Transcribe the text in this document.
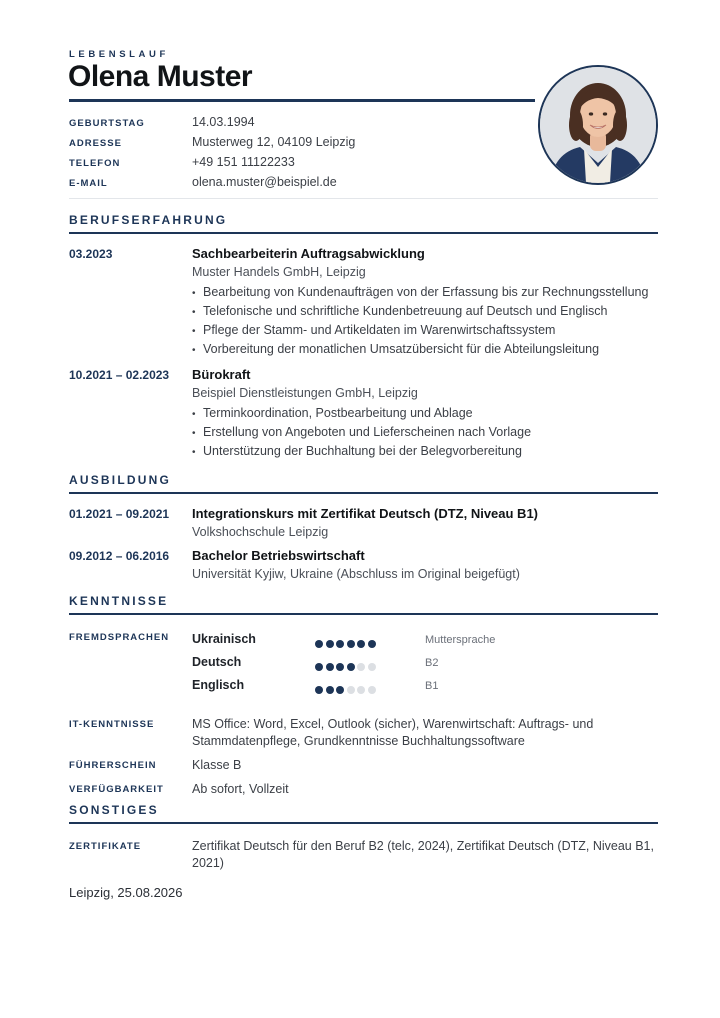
LEBENSLAUF
Olena Muster
GEBURTSTAG	14.03.1994
ADRESSE	Musterweg 12, 04109 Leipzig
TELEFON	+49 151 11122233
E-MAIL	olena.muster@beispiel.de
BERUFSERFAHRUNG
03.2023	Sachbearbeiterin Auftragsabwicklung
Muster Handels GmbH, Leipzig
• Bearbeitung von Kundenaufträgen von der Erfassung bis zur Rechnungsstellung
• Telefonische und schriftliche Kundenbetreuung auf Deutsch und Englisch
• Pflege der Stamm- und Artikeldaten im Warenwirtschaftssystem
• Vorbereitung der monatlichen Umsatzübersicht für die Abteilungsleitung
10.2021 – 02.2023 Bürokraft
Beispiel Dienstleistungen GmbH, Leipzig
• Terminkoordination, Postbearbeitung und Ablage
• Erstellung von Angeboten und Lieferscheinen nach Vorlage
• Unterstützung der Buchhaltung bei der Belegvorbereitung
AUSBILDUNG
01.2021 – 09.2021 Integrationskurs mit Zertifikat Deutsch (DTZ, Niveau B1)
Volkshochschule Leipzig
09.2012 – 06.2016 Bachelor Betriebswirtschaft
Universität Kyjiw, Ukraine (Abschluss im Original beigefügt)
KENNTNISSE
FREMDSPRACHEN Ukrainisch	Muttersprache
Deutsch	B2
Englisch	B1
IT-KENNTNISSE	MS Office: Word, Excel, Outlook (sicher), Warenwirtschaft: Auftrags- und
Stammdatenpflege, Grundkenntnisse Buchhaltungssoftware
FÜHRERSCHEIN	Klasse B
VERFÜGBARKEIT Ab sofort, Vollzeit
SONSTIGES
ZERTIFIKATE	Zertifikat Deutsch für den Beruf B2 (telc, 2024), Zertifikat Deutsch (DTZ, Niveau B1,
2021)
Leipzig, 25.08.2026
